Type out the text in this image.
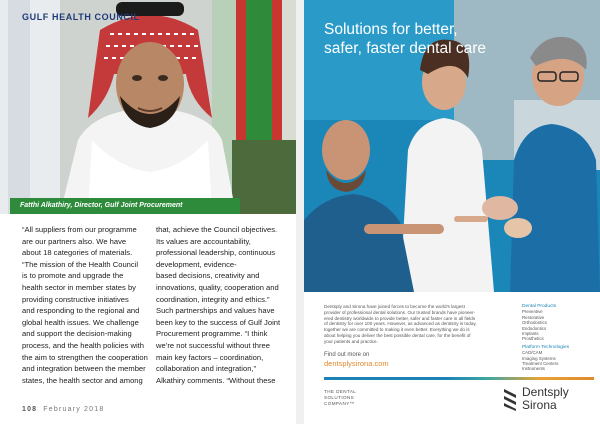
GULF HEALTH COUNCIL
Fatthi Alkathiry, Director, Gulf Joint Procurement

“All suppliers from our programme

are our partners also. We have

about 18 categories of materials.

“The mission of the Health Council

is to promote and upgrade the

health sector in member states by

providing constructive initiatives

and responding to the regional and

global health issues. We challenge

and support the decision-making

process, and the health policies with

the aim to strengthen the cooperation

and integration between the member

states, the health sector and among

that, achieve the Council objectives.

Its values are accountability,

professional leadership, continuous

development, evidence-

based decisions, creativity and

innovations, quality, cooperation and

coordination, integrity and ethics.”

Such partnerships and values have

been key to the success of Gulf Joint

Procurement programme. “I think

we’re not successful without three

main key factors – coordination,

collaboration and integration,”

Alkathiry comments. “Without these

108 February 2018
Solutions for better,
safer, faster dental care
Dentsply and Sirona have joined forces to become the world’s largest
provider of professional dental solutions. Our trusted brands have pioneer-
ered dentistry worldwide to provide better, safer and faster care in all fields
of dentistry for over 100 years. However, as advanced as dentistry is today,
together we are committed to making it even better. Everything we do is
about helping you deliver the best possible dental care, for the benefit of
your patients and practice.
Find out more on
dentsplysirona.com
Dental Products
Preventive
Restorative
Orthodontics
Endodontics
Implants
Prosthetics
Platform Technologies
CAD/CAM
Imaging Systems
Treatment Centers
Instruments
THE DENTAL
SOLUTIONS
COMPANY™
Dentsply
Sirona
